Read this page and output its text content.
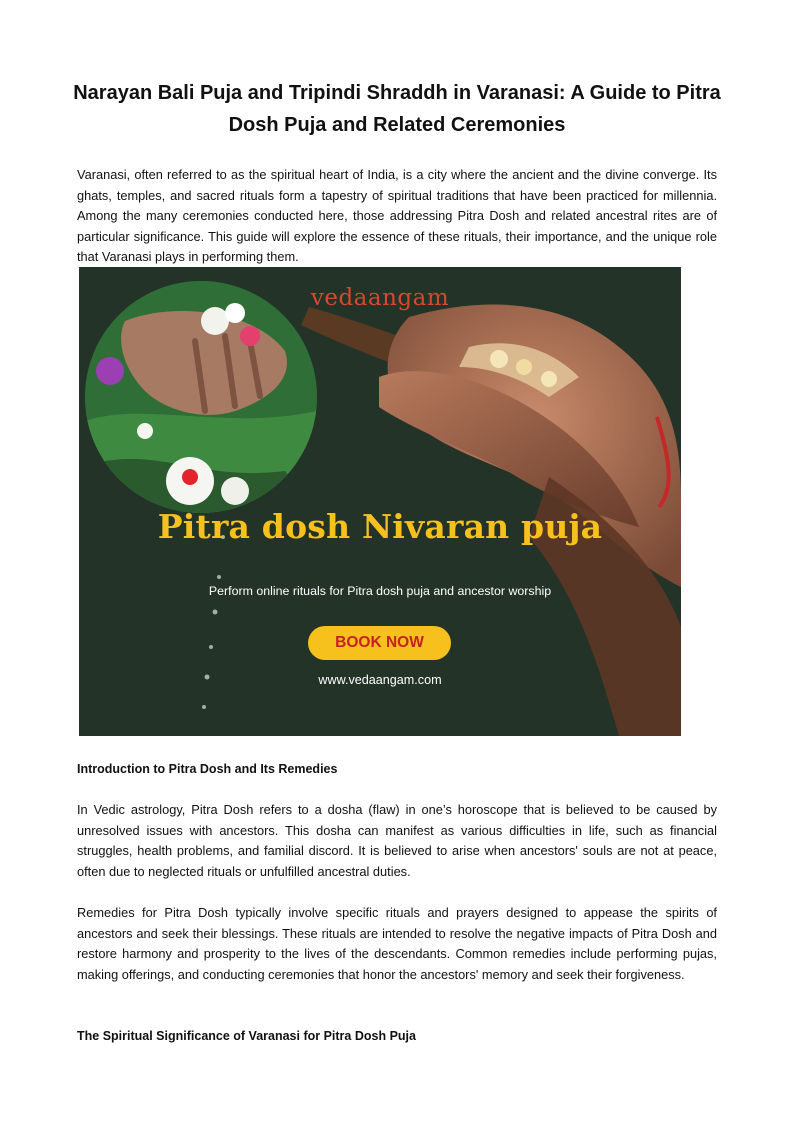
Narayan Bali Puja and Tripindi Shraddh in Varanasi: A Guide to Pitra Dosh Puja and Related Ceremonies

Varanasi, often referred to as the spiritual heart of India, is a city where the ancient and the divine converge. Its ghats, temples, and sacred rituals form a tapestry of spiritual traditions that have been practiced for millennia. Among the many ceremonies conducted here, those addressing Pitra Dosh and related ancestral rites are of particular significance. This guide will explore the essence of these rituals, their importance, and the unique role that Varanasi plays in performing them.

vedaangam
Pitra dosh Nivaran puja
Perform online rituals for Pitra dosh puja and ancestor worship
BOOK NOW
www.vedaangam.com
Introduction to Pitra Dosh and Its Remedies

In Vedic astrology, Pitra Dosh refers to a dosha (flaw) in one’s horoscope that is believed to be caused by unresolved issues with ancestors. This dosha can manifest as various difficulties in life, such as financial struggles, health problems, and familial discord. It is believed to arise when ancestors' souls are not at peace, often due to neglected rituals or unfulfilled ancestral duties.

Remedies for Pitra Dosh typically involve specific rituals and prayers designed to appease the spirits of ancestors and seek their blessings. These rituals are intended to resolve the negative impacts of Pitra Dosh and restore harmony and prosperity to the lives of the descendants. Common remedies include performing pujas, making offerings, and conducting ceremonies that honor the ancestors' memory and seek their forgiveness.

The Spiritual Significance of Varanasi for Pitra Dosh Puja
